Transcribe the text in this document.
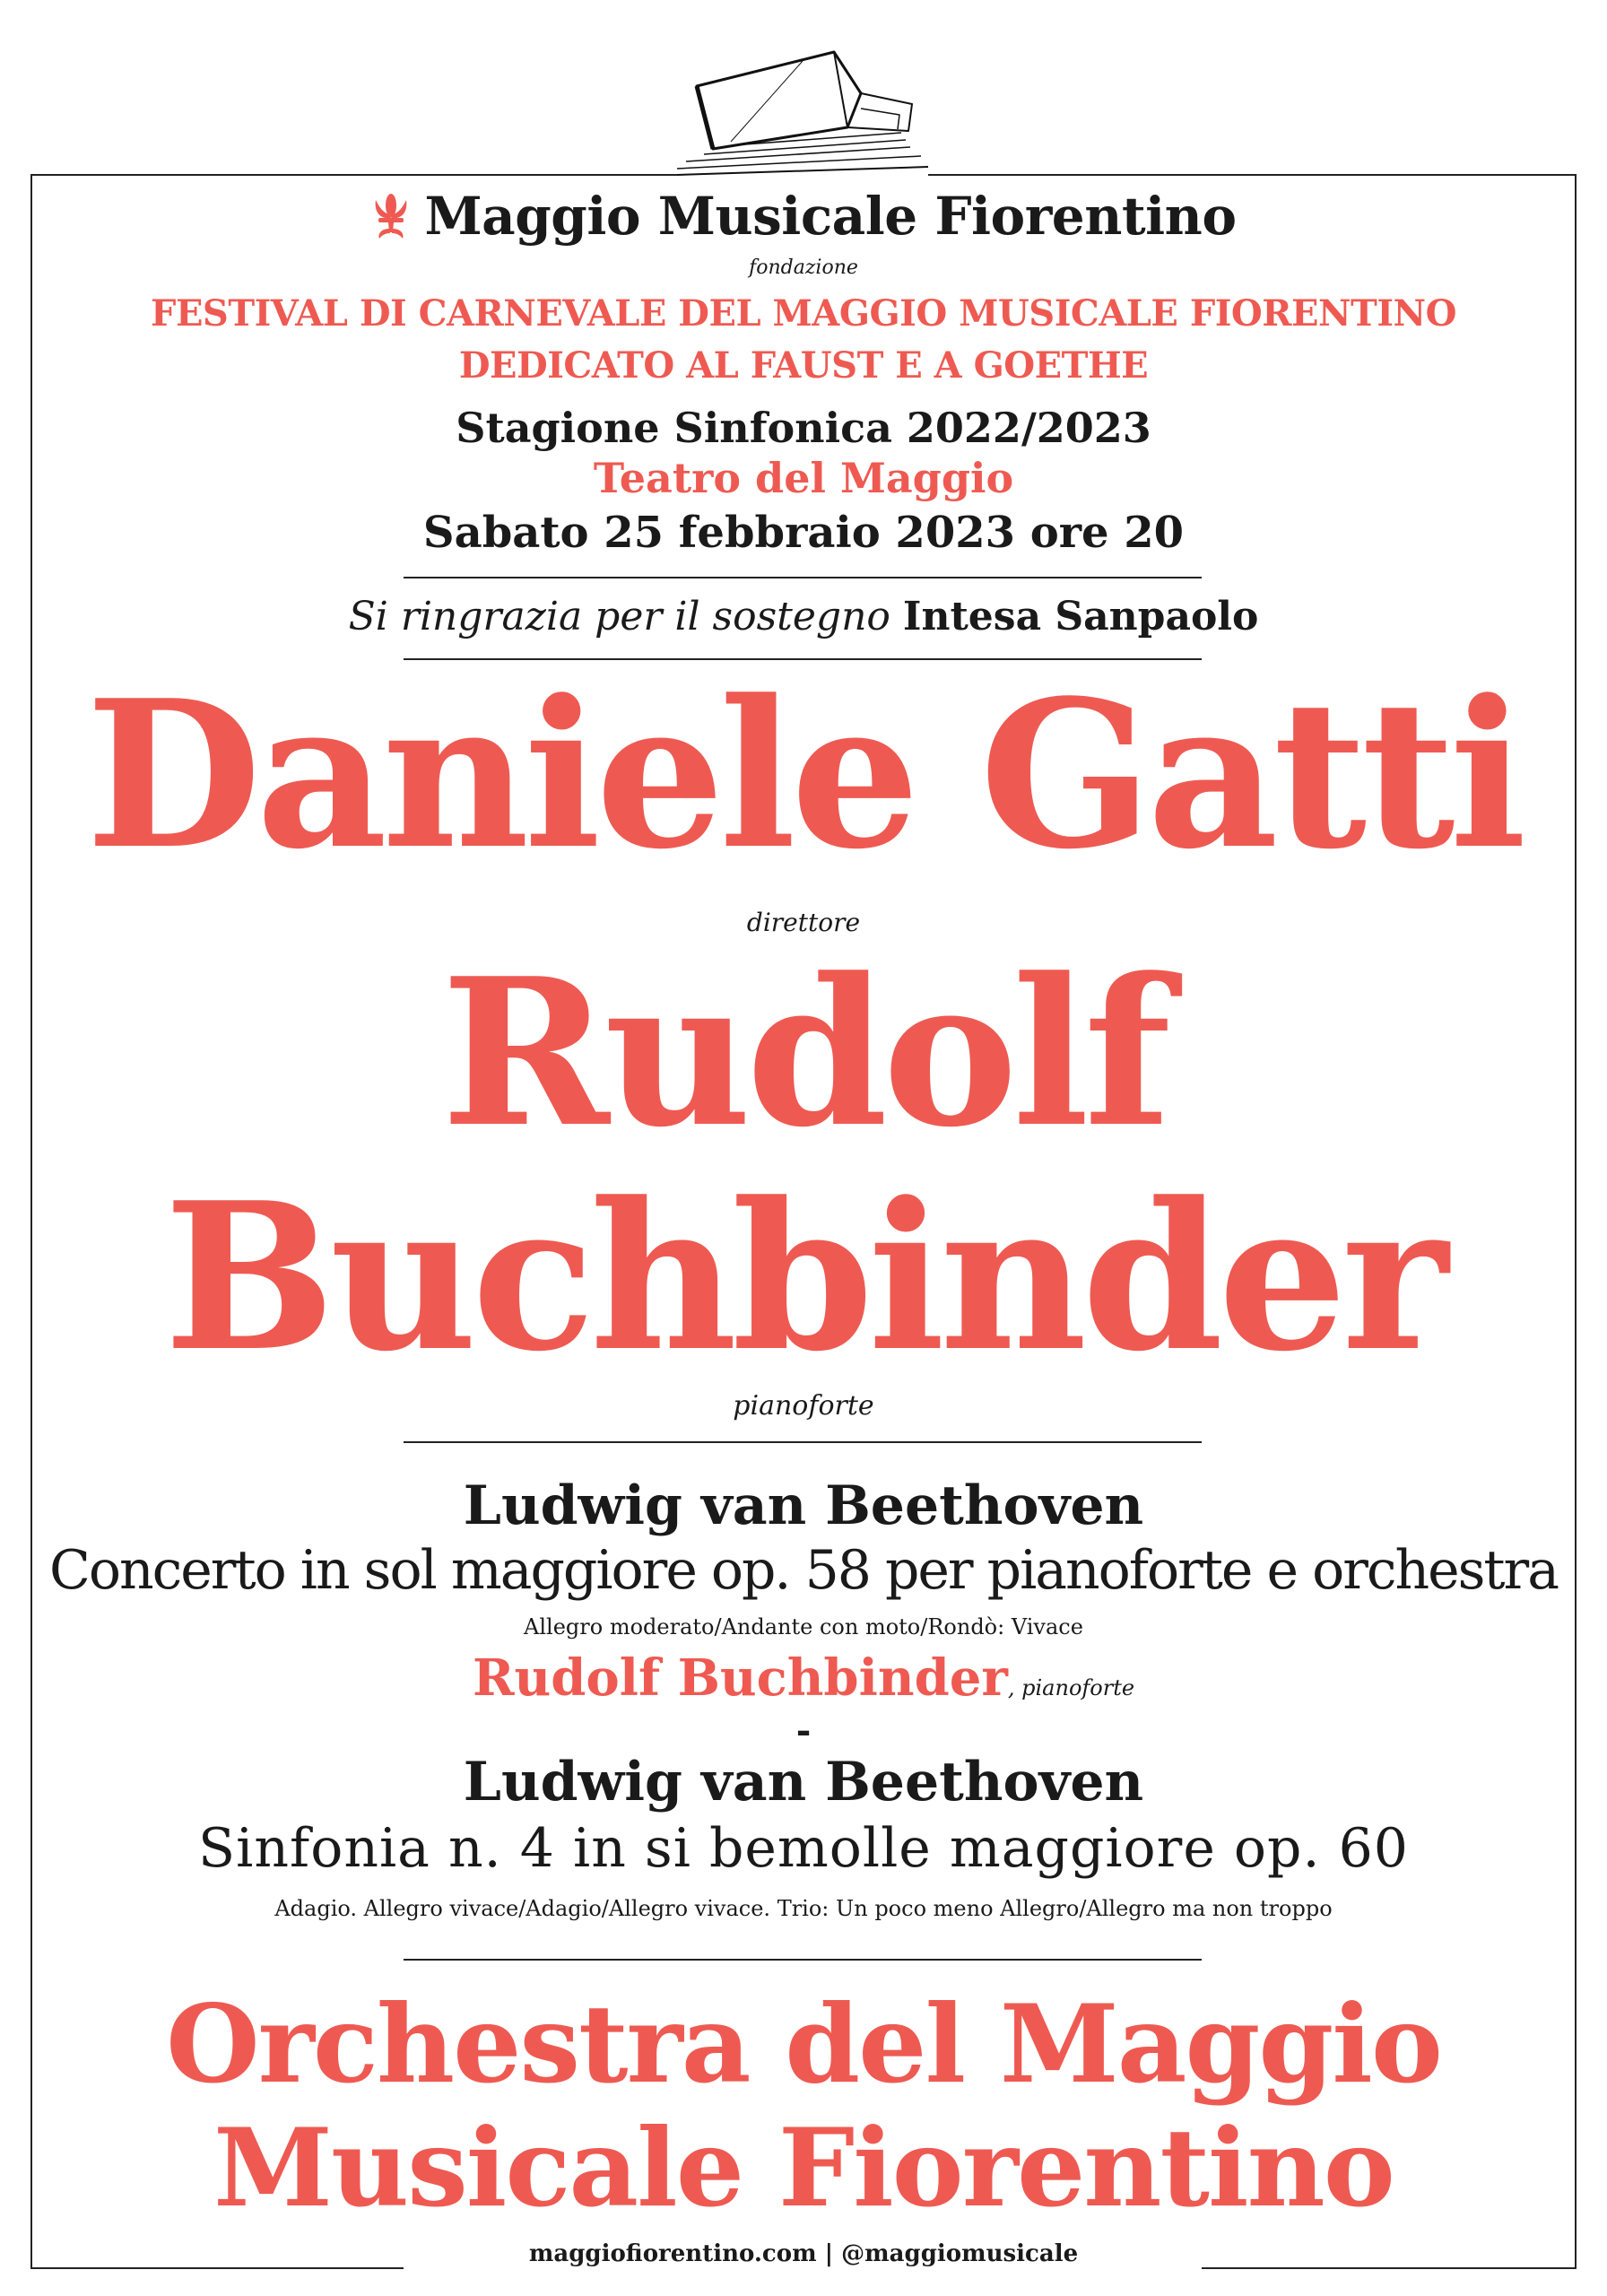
Maggio Musicale Fiorentino
fondazione
FESTIVAL DI CARNEVALE DEL MAGGIO MUSICALE FIORENTINO
DEDICATO AL FAUST E A GOETHE
Stagione Sinfonica 2022/2023
Teatro del Maggio
Sabato 25 febbraio 2023 ore 20
Si ringrazia per il sostegno Intesa Sanpaolo
Daniele Gatti
direttore
Rudolf
Buchbinder
pianoforte
Ludwig van Beethoven
Concerto in sol maggiore op. 58 per pianoforte e orchestra
Allegro moderato/Andante con moto/Rondò: Vivace
Rudolf Buchbinder, pianoforte
-
Ludwig van Beethoven
Sinfonia n. 4 in si bemolle maggiore op. 60
Adagio. Allegro vivace/Adagio/Allegro vivace. Trio: Un poco meno Allegro/Allegro ma non troppo
Orchestra del Maggio
Musicale Fiorentino
maggiofiorentino.com | @maggiomusicale
